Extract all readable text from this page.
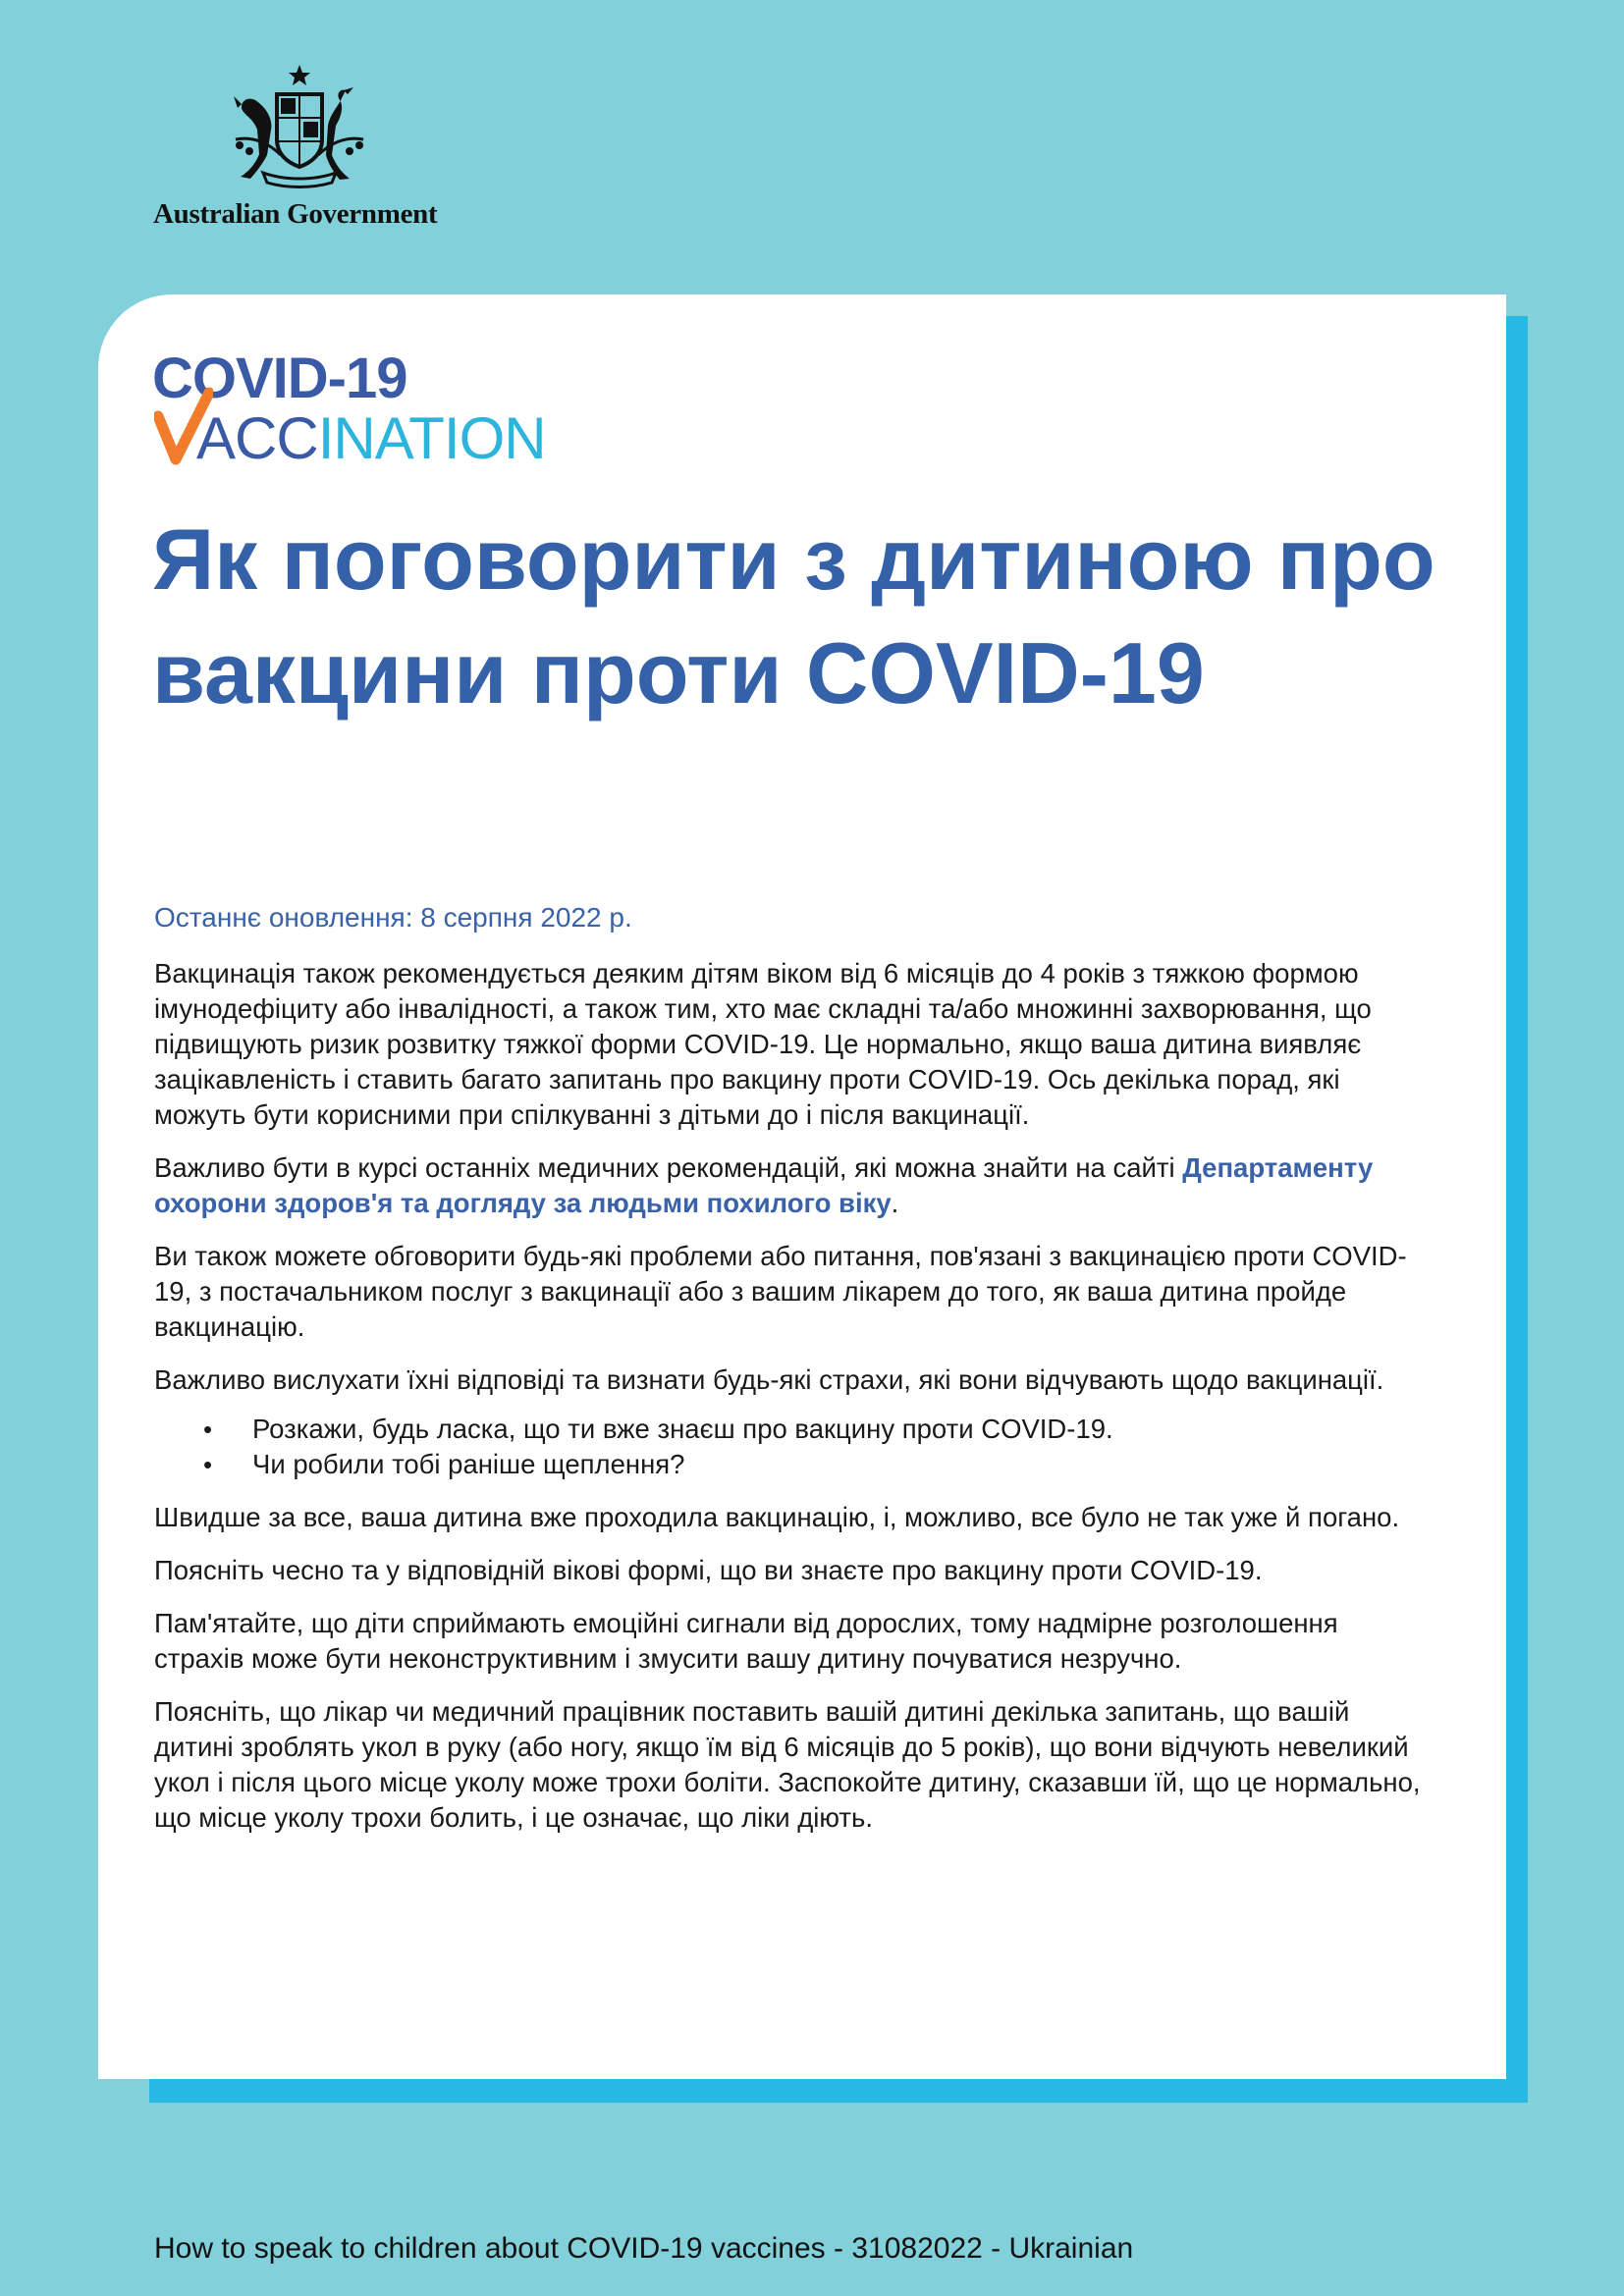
Australian Government
COVID-19
ACCINATION
Як поговорити з дитиною про вакцини проти COVID-19
Останнє оновлення: 8 серпня 2022 р.

Вакцинація також рекомендується деяким дітям віком від 6 місяців до 4 років з тяжкою формою імунодефіциту або інвалідності, а також тим, хто має складні та/або множинні захворювання, що підвищують ризик розвитку тяжкої форми COVID-19. Це нормально, якщо ваша дитина виявляє зацікавленість і ставить багато запитань про вакцину проти COVID-19. Ось декілька порад, які можуть бути корисними при спілкуванні з дітьми до і після вакцинації.

Важливо бути в курсі останніх медичних рекомендацій, які можна знайти на сайті Департаменту охорони здоров'я та догляду за людьми похилого віку.

Ви також можете обговорити будь-які проблеми або питання, пов'язані з вакцинацією проти COVID-19, з постачальником послуг з вакцинації або з вашим лікарем до того, як ваша дитина пройде вакцинацію.

Важливо вислухати їхні відповіді та визнати будь-які страхи, які вони відчувають щодо вакцинації.

• Розкажи, будь ласка, що ти вже знаєш про вакцину проти COVID-19.
• Чи робили тобі раніше щеплення?

Швидше за все, ваша дитина вже проходила вакцинацію, і, можливо, все було не так уже й погано.

Поясніть чесно та у відповідній вікові формі, що ви знаєте про вакцину проти COVID-19.

Пам'ятайте, що діти сприймають емоційні сигнали від дорослих, тому надмірне розголошення страхів може бути неконструктивним і змусити вашу дитину почуватися незручно.

Поясніть, що лікар чи медичний працівник поставить вашій дитині декілька запитань, що вашій дитині зроблять укол в руку (або ногу, якщо їм від 6 місяців до 5 років), що вони відчують невеликий укол і після цього місце уколу може трохи боліти. Заспокойте дитину, сказавши їй, що це нормально, що місце уколу трохи болить, і це означає, що ліки діють.

How to speak to children about COVID-19 vaccines - 31082022 - Ukrainian
